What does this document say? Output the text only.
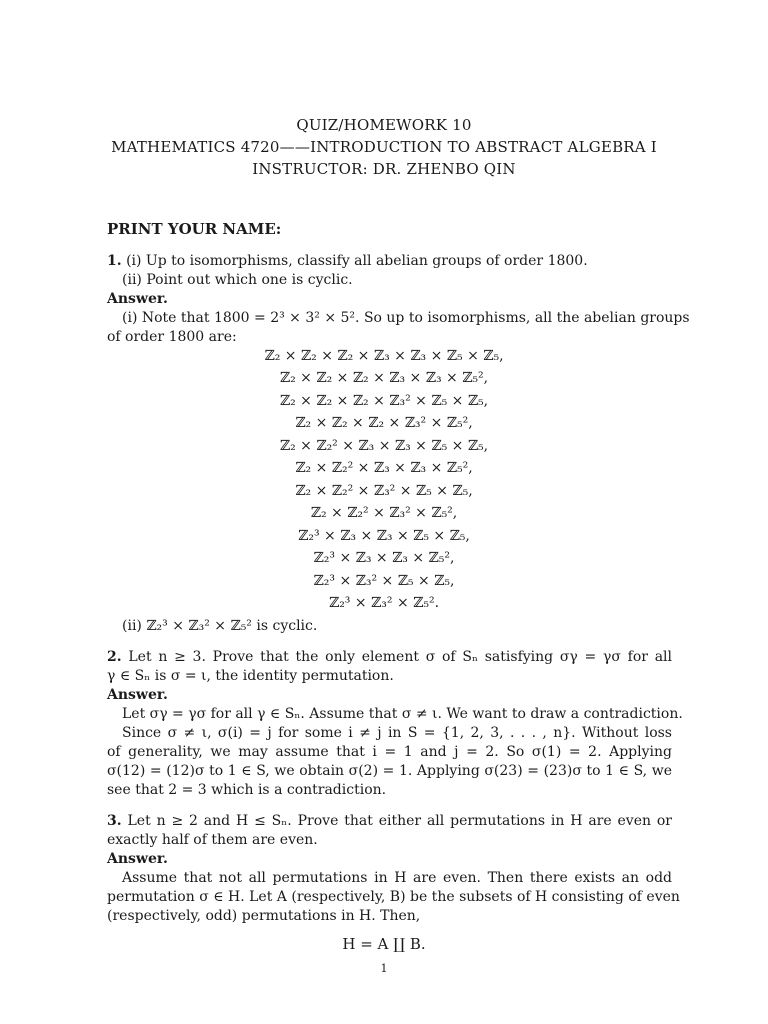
QUIZ/HOMEWORK 10
MATHEMATICS 4720——INTRODUCTION TO ABSTRACT ALGEBRA I
INSTRUCTOR: DR. ZHENBO QIN
PRINT YOUR NAME:
1. (i) Up to isomorphisms, classify all abelian groups of order 1800.
(ii) Point out which one is cyclic.
Answer.
(i) Note that 1800 = 2³ × 3² × 5². So up to isomorphisms, all the abelian groups
of order 1800 are:
ℤ₂ × ℤ₂ × ℤ₂ × ℤ₃ × ℤ₃ × ℤ₅ × ℤ₅,
ℤ₂ × ℤ₂ × ℤ₂ × ℤ₃ × ℤ₃ × ℤ₅²,
ℤ₂ × ℤ₂ × ℤ₂ × ℤ₃² × ℤ₅ × ℤ₅,
ℤ₂ × ℤ₂ × ℤ₂ × ℤ₃² × ℤ₅²,
ℤ₂ × ℤ₂² × ℤ₃ × ℤ₃ × ℤ₅ × ℤ₅,
ℤ₂ × ℤ₂² × ℤ₃ × ℤ₃ × ℤ₅²,
ℤ₂ × ℤ₂² × ℤ₃² × ℤ₅ × ℤ₅,
ℤ₂ × ℤ₂² × ℤ₃² × ℤ₅²,
ℤ₂³ × ℤ₃ × ℤ₃ × ℤ₅ × ℤ₅,
ℤ₂³ × ℤ₃ × ℤ₃ × ℤ₅²,
ℤ₂³ × ℤ₃² × ℤ₅ × ℤ₅,
ℤ₂³ × ℤ₃² × ℤ₅².
(ii) ℤ₂³ × ℤ₃² × ℤ₅² is cyclic.
2. Let n ≥ 3. Prove that the only element σ of Sₙ satisfying σγ = γσ for all
γ ∈ Sₙ is σ = ι, the identity permutation.
Answer.
Let σγ = γσ for all γ ∈ Sₙ. Assume that σ ≠ ι. We want to draw a contradiction.
Since σ ≠ ι, σ(i) = j for some i ≠ j in S = {1, 2, 3, . . . , n}. Without loss
of generality, we may assume that i = 1 and j = 2. So σ(1) = 2. Applying
σ(12) = (12)σ to 1 ∈ S, we obtain σ(2) = 1. Applying σ(23) = (23)σ to 1 ∈ S, we
see that 2 = 3 which is a contradiction.
3. Let n ≥ 2 and H ≤ Sₙ. Prove that either all permutations in H are even or
exactly half of them are even.
Answer.
Assume that not all permutations in H are even. Then there exists an odd
permutation σ ∈ H. Let A (respectively, B) be the subsets of H consisting of even
(respectively, odd) permutations in H. Then,
H = A ∐ B.
1
